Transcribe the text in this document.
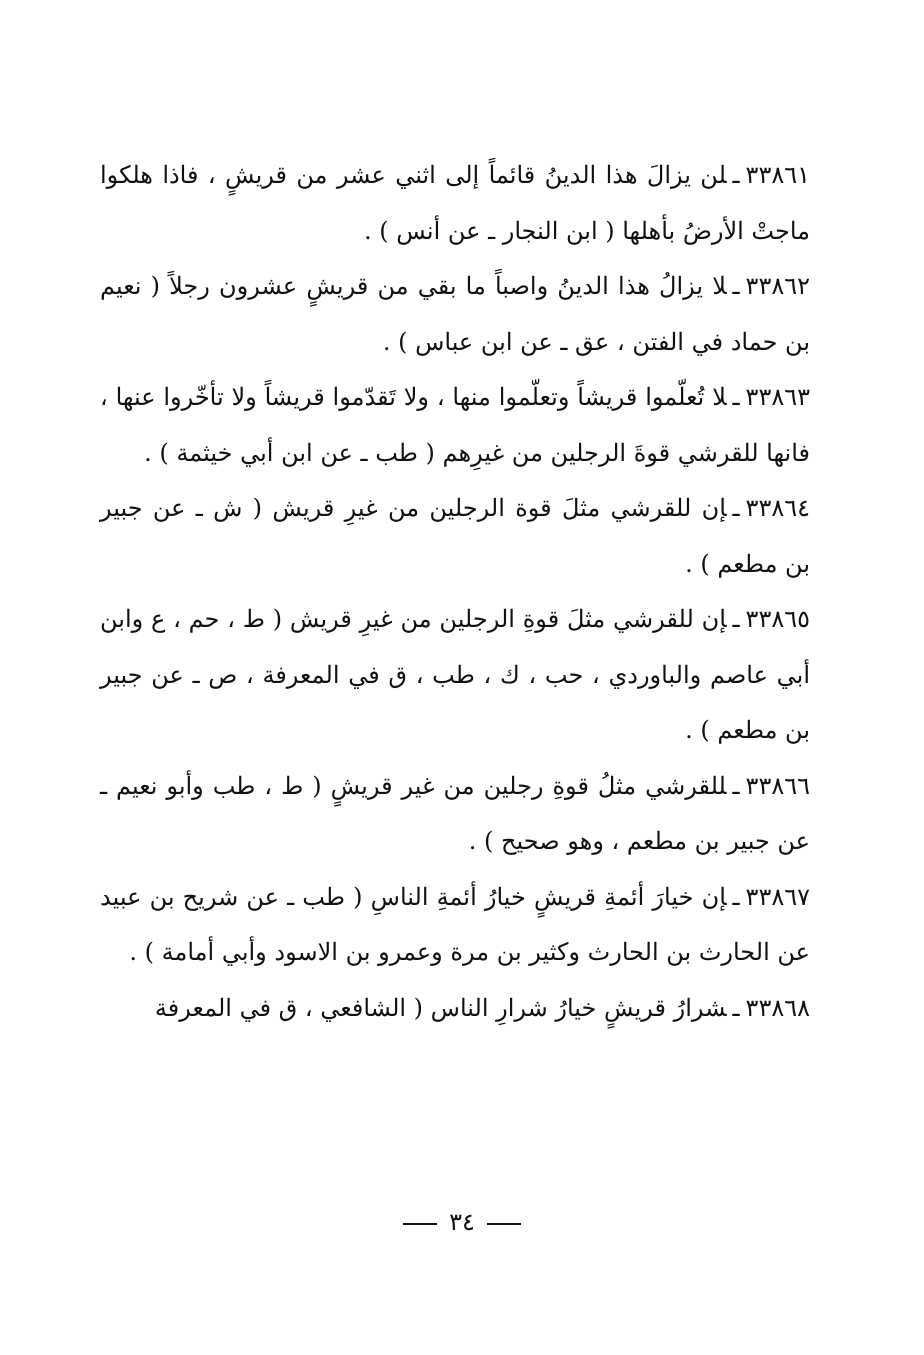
٣٣٨٦١ـلن يزالَ هذا الدينُ قائماً إلى اثني عشر من قريشٍ ، فاذا هلكوا ماجتْ الأرضُ بأهلها ( ابن النجار ـ عن أنس ) .

٣٣٨٦٢ـلا يزالُ هذا الدينُ واصباً ما بقي من قريشٍ عشرون رجلاً ( نعيم بن حماد في الفتن ، عق ـ عن ابن عباس ) .

٣٣٨٦٣ـلا تُعلّموا قريشاً وتعلّموا منها ، ولا تَقدّموا قريشاً ولا تأخّروا عنها ، فانها للقرشي قوةَ الرجلين من غيرِهم ( طب ـ عن ابن أبي خيثمة ) .

٣٣٨٦٤ـإن للقرشي مثلَ قوة الرجلين من غيرِ قريش ( ش ـ عن جبير بن مطعم ) .

٣٣٨٦٥ـإن للقرشي مثلَ قوةِ الرجلين من غيرِ قريش ( ط ، حم ، ع وابن أبي عاصم والباوردي ، حب ، ك ، طب ، ق في المعرفة ، ص ـ عن جبير بن مطعم ) .

٣٣٨٦٦ـللقرشي مثلُ قوةِ رجلين من غير قريشٍ ( ط ، طب وأبو نعيم ـ عن جبير بن مطعم ، وهو صحيح ) .

٣٣٨٦٧ـإن خيارَ أئمةِ قريشٍ خيارُ أئمةِ الناسِ ( طب ـ عن شريح بن عبيد عن الحارث بن الحارث وكثير بن مرة وعمرو بن الاسود وأبي أمامة ) .

٣٣٨٦٨ـشرارُ قريشٍ خيارُ شرارِ الناس ( الشافعي ، ق في المعرفة

٣٤
